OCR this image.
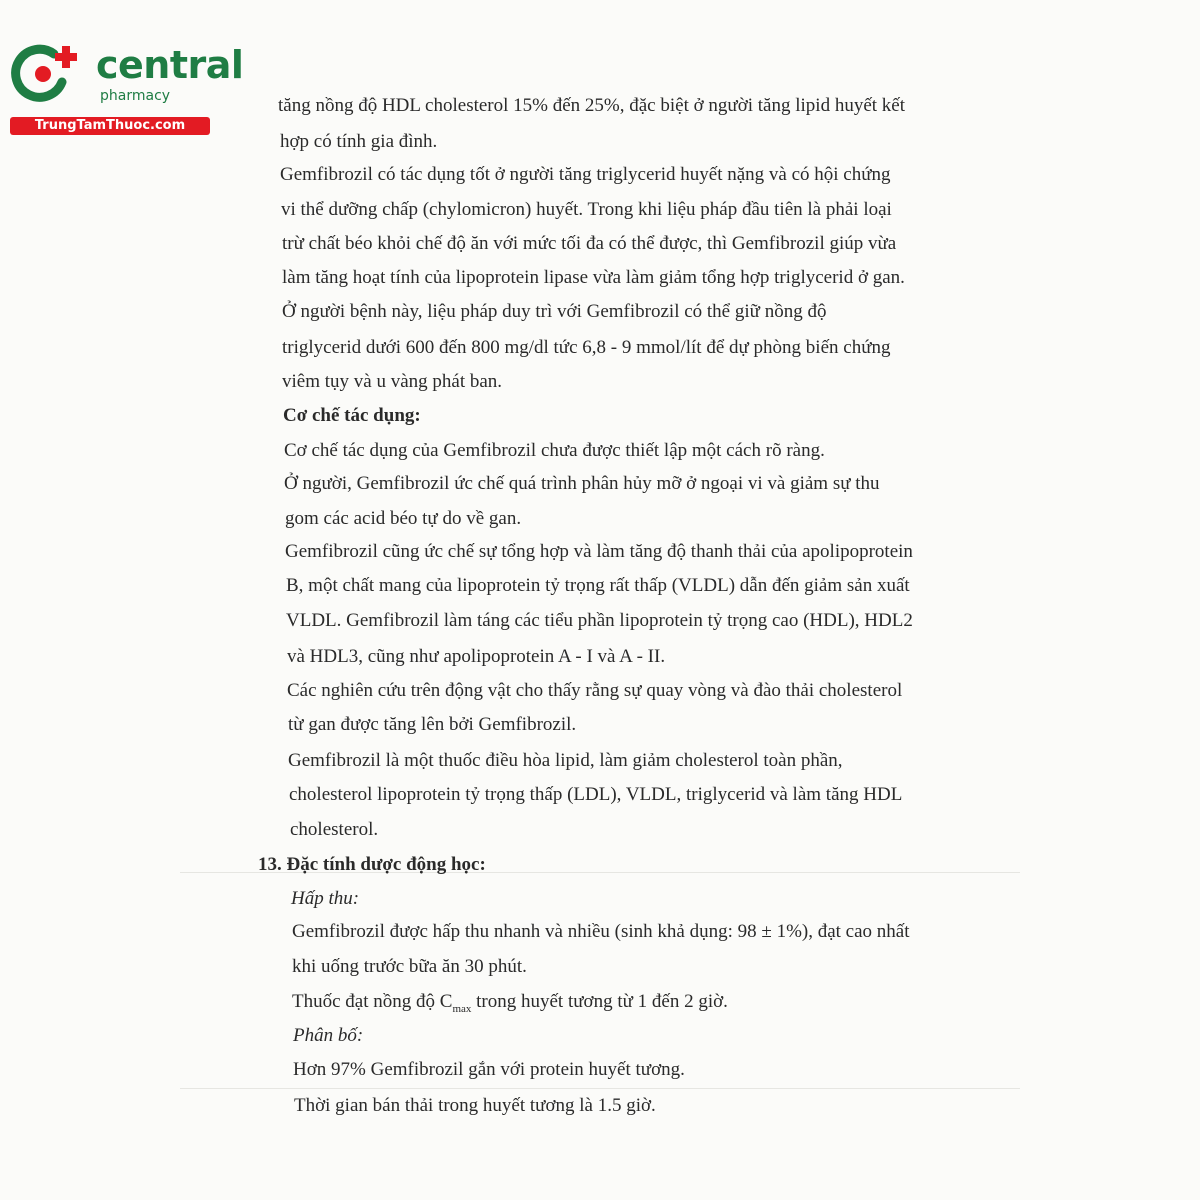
central
pharmacy
TrungTamThuoc.com

tăng nồng độ HDL cholesterol 15% đến 25%, đặc biệt ở người tăng lipid huyết kết

hợp có tính gia đình.

Gemfibrozil có tác dụng tốt ở người tăng triglycerid huyết nặng và có hội chứng

vi thể dưỡng chấp (chylomicron) huyết. Trong khi liệu pháp đầu tiên là phải loại

trừ chất béo khỏi chế độ ăn với mức tối đa có thể được, thì Gemfibrozil giúp vừa

làm tăng hoạt tính của lipoprotein lipase vừa làm giảm tổng hợp triglycerid ở gan.

Ở người bệnh này, liệu pháp duy trì với Gemfibrozil có thể giữ nồng độ

triglycerid dưới 600 đến 800 mg/dl tức 6,8 - 9 mmol/lít để dự phòng biến chứng

viêm tụy và u vàng phát ban.

Cơ chế tác dụng:

Cơ chế tác dụng của Gemfibrozil chưa được thiết lập một cách rõ ràng.

Ở người, Gemfibrozil ức chế quá trình phân hủy mỡ ở ngoại vi và giảm sự thu

gom các acid béo tự do về gan.

Gemfibrozil cũng ức chế sự tổng hợp và làm tăng độ thanh thải của apolipoprotein

B, một chất mang của lipoprotein tỷ trọng rất thấp (VLDL) dẫn đến giảm sản xuất

VLDL. Gemfibrozil làm táng các tiểu phần lipoprotein tỷ trọng cao (HDL), HDL2

và HDL3, cũng như apolipoprotein A - I và A - II.

Các nghiên cứu trên động vật cho thấy rằng sự quay vòng và đào thải cholesterol

từ gan được tăng lên bởi Gemfibrozil.

Gemfibrozil là một thuốc điều hòa lipid, làm giảm cholesterol toàn phần,

cholesterol lipoprotein tỷ trọng thấp (LDL), VLDL, triglycerid và làm tăng HDL

cholesterol.

13. Đặc tính dược động học:

Hấp thu:

Gemfibrozil được hấp thu nhanh và nhiều (sinh khả dụng: 98 ± 1%), đạt cao nhất

khi uống trước bữa ăn 30 phút.

Thuốc đạt nồng độ $C_{max}$ trong huyết tương từ 1 đến 2 giờ.

Phân bố:

Hơn 97% Gemfibrozil gắn với protein huyết tương.

Thời gian bán thải trong huyết tương là 1.5 giờ.
